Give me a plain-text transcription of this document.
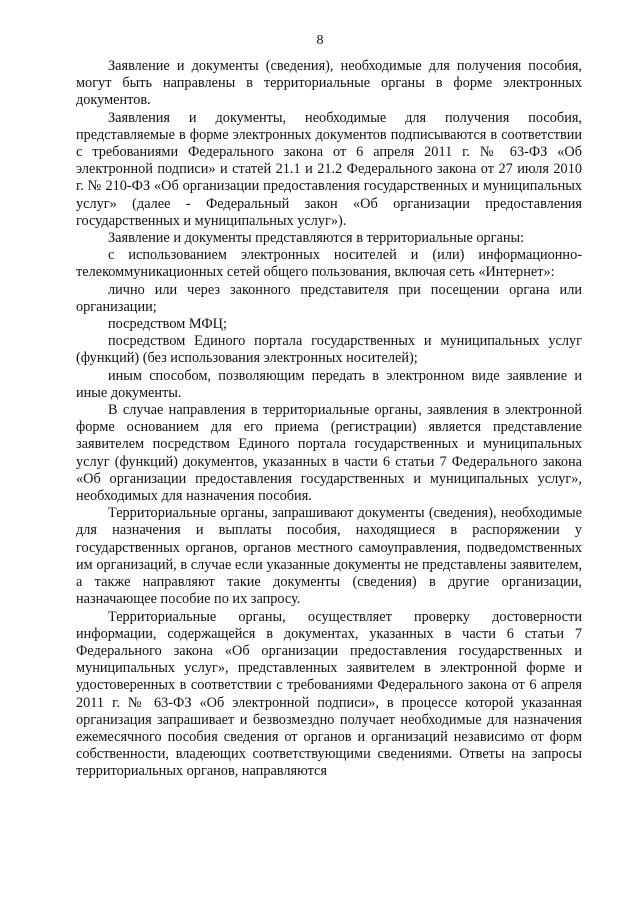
8

Заявление и документы (сведения), необходимые для получения пособия, могут быть направлены в территориальные органы в форме электронных документов.

Заявления и документы, необходимые для получения пособия, представляемые в форме электронных документов подписываются в соответствии с требованиями Федерального закона от 6 апреля 2011 г. № 63-ФЗ «Об электронной подписи» и статей 21.1 и 21.2 Федерального закона от 27 июля 2010 г. № 210-ФЗ «Об организации предоставления государственных и муниципальных услуг» (далее - Федеральный закон «Об организации предоставления государственных и муниципальных услуг»).

Заявление и документы представляются в территориальные органы:

с использованием электронных носителей и (или) информационно-телекоммуникационных сетей общего пользования, включая сеть «Интернет»:

лично или через законного представителя при посещении органа или организации;

посредством МФЦ;

посредством Единого портала государственных и муниципальных услуг (функций) (без использования электронных носителей);

иным способом, позволяющим передать в электронном виде заявление и иные документы.

В случае направления в территориальные органы, заявления в электронной форме основанием для его приема (регистрации) является представление заявителем посредством Единого портала государственных и муниципальных услуг (функций) документов, указанных в части 6 статьи 7 Федерального закона «Об организации предоставления государственных и муниципальных услуг», необходимых для назначения пособия.

Территориальные органы, запрашивают документы (сведения), необходимые для назначения и выплаты пособия, находящиеся в распоряжении у государственных органов, органов местного самоуправления, подведомственных им организаций, в случае если указанные документы не представлены заявителем, а также направляют такие документы (сведения) в другие организации, назначающее пособие по их запросу.

Территориальные органы, осуществляет проверку достоверности информации, содержащейся в документах, указанных в части 6 статьи 7 Федерального закона «Об организации предоставления государственных и муниципальных услуг», представленных заявителем в электронной форме и удостоверенных в соответствии с требованиями Федерального закона от 6 апреля 2011 г. № 63-ФЗ «Об электронной подписи», в процессе которой указанная организация запрашивает и безвозмездно получает необходимые для назначения ежемесячного пособия сведения от органов и организаций независимо от форм собственности, владеющих соответствующими сведениями. Ответы на запросы территориальных органов, направляются
